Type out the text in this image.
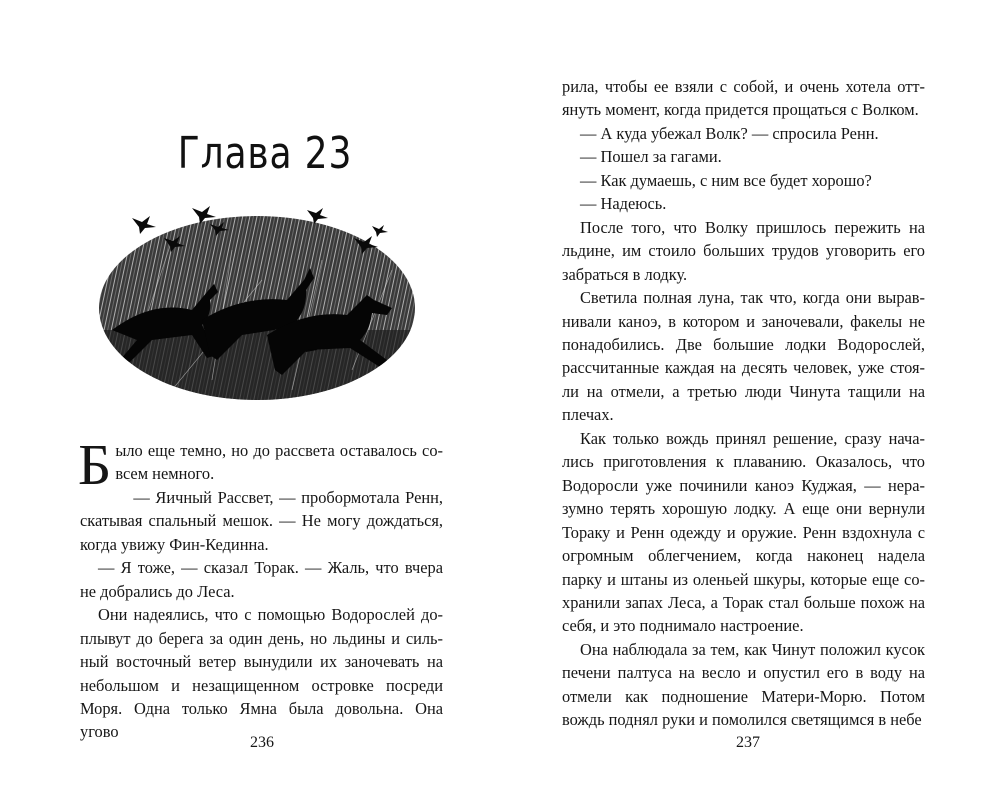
Глава 23

Было еще темно, но до рассвета оставалось совсем немного.

— Яичный Рассвет, — пробормотала Ренн, скатывая спальный мешок. — Не могу дождаться, когда увижу Фин-Кединна.

— Я тоже, — сказал Торак. — Жаль, что вчера не добрались до Леса.

Они надеялись, что с помощью Водорослей доплывут до берега за один день, но льдины и сильный восточный ветер вынудили их заночевать на небольшом и незащищенном островке посреди Моря. Одна только Ямна была довольна. Она угово

236

рила, чтобы ее взяли с собой, и очень хотела оттянуть момент, когда придется прощаться с Волком.

— А куда убежал Волк? — спросила Ренн.

— Пошел за гагами.

— Как думаешь, с ним все будет хорошо?

— Надеюсь.

После того, что Волку пришлось пережить на льдине, им стоило больших трудов уговорить его забраться в лодку.

Светила полная луна, так что, когда они выравнивали каноэ, в котором и заночевали, факелы не понадобились. Две большие лодки Водорослей, рассчитанные каждая на десять человек, уже стояли на отмели, а третью люди Чинута тащили на плечах.

Как только вождь принял решение, сразу начались приготовления к плаванию. Оказалось, что Водоросли уже починили каноэ Куджая, — неразумно терять хорошую лодку. А еще они вернули Тораку и Ренн одежду и оружие. Ренн вздохнула с огромным облегчением, когда наконец надела парку и штаны из оленьей шкуры, которые еще сохранили запах Леса, а Торак стал больше похож на себя, и это поднимало настроение.

Она наблюдала за тем, как Чинут положил кусок печени палтуса на весло и опустил его в воду на отмели как подношение Матери-Морю. Потом вождь поднял руки и помолился светящимся в небе

237
